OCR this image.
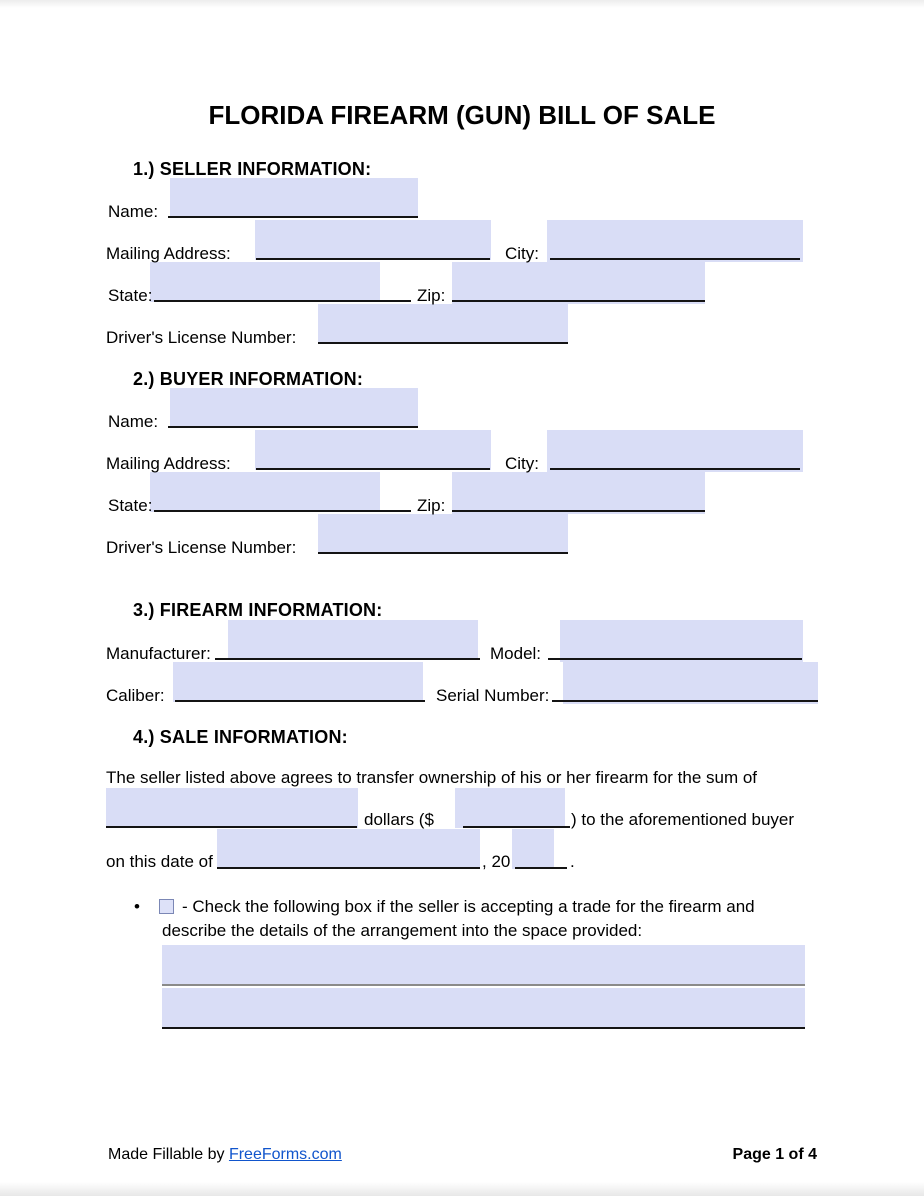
FLORIDA FIREARM (GUN) BILL OF SALE
1.) SELLER INFORMATION:
Name:
Mailing Address:	City:
State:	Zip:
Driver's License Number:
2.) BUYER INFORMATION:
Name:
Mailing Address:	City:
State:	Zip:
Driver's License Number:
3.) FIREARM INFORMATION:
Manufacturer:	Model:
Caliber:	Serial Number:
4.) SALE INFORMATION:
The seller listed above agrees to transfer ownership of his or her firearm for the sum of
dollars ($	) to the aforementioned buyer
on this date of	, 20	.
• - Check the following box if the seller is accepting a trade for the firearm and
describe the details of the arrangement into the space provided:
Made Fillable by FreeForms.com	Page 1 of 4
